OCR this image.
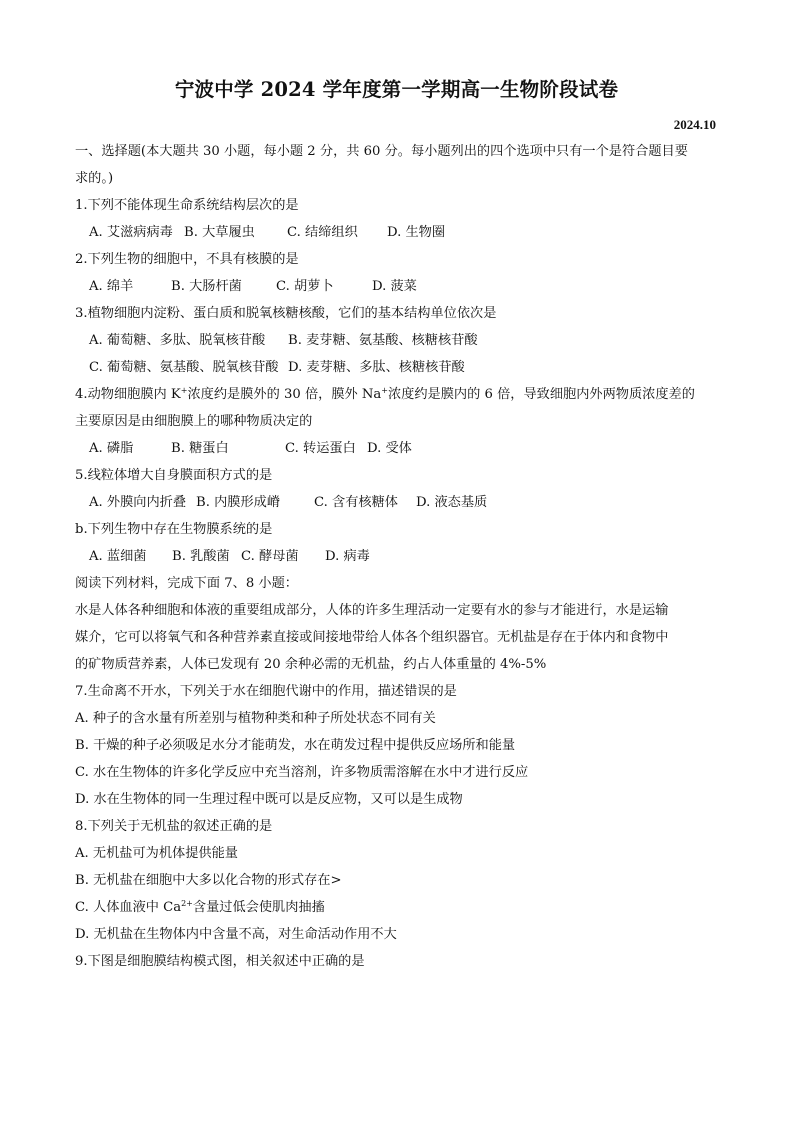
宁波中学 2024 学年度第一学期高一生物阶段试卷
2024.10
一、选择题(本大题共 30 小题，每小题 2 分，共 60 分。每小题列出的四个选项中只有一个是符合题目要
求的。)
1.下列不能体现生命系统结构层次的是
A. 艾滋病病毒 B. 大草履虫 C. 结缔组织 D. 生物圈
2.下列生物的细胞中，不具有核膜的是
A. 绵羊	B. 大肠杆菌	C. 胡萝卜	D. 菠菜
3.植物细胞内淀粉、蛋白质和脱氧核糖核酸，它们的基本结构单位依次是
A. 葡萄糖、多肽、脱氧核苷酸 B. 麦芽糖、氨基酸、核糖核苷酸
C. 葡萄糖、氨基酸、脱氧核苷酸 D. 麦芽糖、多肽、核糖核苷酸
4.动物细胞膜内 K+浓度约是膜外的 30 倍，膜外 Na+浓度约是膜内的 6 倍，导致细胞内外两物质浓度差的
主要原因是由细胞膜上的哪种物质决定的
A. 磷脂	B. 糖蛋白	C. 转运蛋白 D. 受体
5.线粒体增大自身膜面积方式的是
A. 外膜向内折叠 B. 内膜形成嵴	C. 含有核糖体 D. 液态基质
b.下列生物中存在生物膜系统的是
A. 蓝细菌 B. 乳酸菌 C. 酵母菌 D. 病毒
阅读下列材料，完成下面 7、8 小题：
水是人体各种细胞和体液的重要组成部分，人体的许多生理活动一定要有水的参与才能进行，水是运输
媒介，它可以将氧气和各种营养素直接或间接地带给人体各个组织器官。无机盐是存在于体内和食物中
的矿物质营养素，人体已发现有 20 余种必需的无机盐，约占人体重量的 4%-5%
7.生命离不开水，下列关于水在细胞代谢中的作用，描述错误的是
A. 种子的含水量有所差别与植物种类和种子所处状态不同有关
B. 干燥的种子必须吸足水分才能萌发，水在萌发过程中提供反应场所和能量
C. 水在生物体的许多化学反应中充当溶剂，许多物质需溶解在水中才进行反应
D. 水在生物体的同一生理过程中既可以是反应物，又可以是生成物
8.下列关于无机盐的叙述正确的是
A. 无机盐可为机体提供能量
B. 无机盐在细胞中大多以化合物的形式存在>
C. 人体血液中 $Ca^{2+}$含量过低会使肌肉抽搐
D. 无机盐在生物体内中含量不高，对生命活动作用不大
9.下图是细胞膜结构模式图，相关叙述中正确的是
